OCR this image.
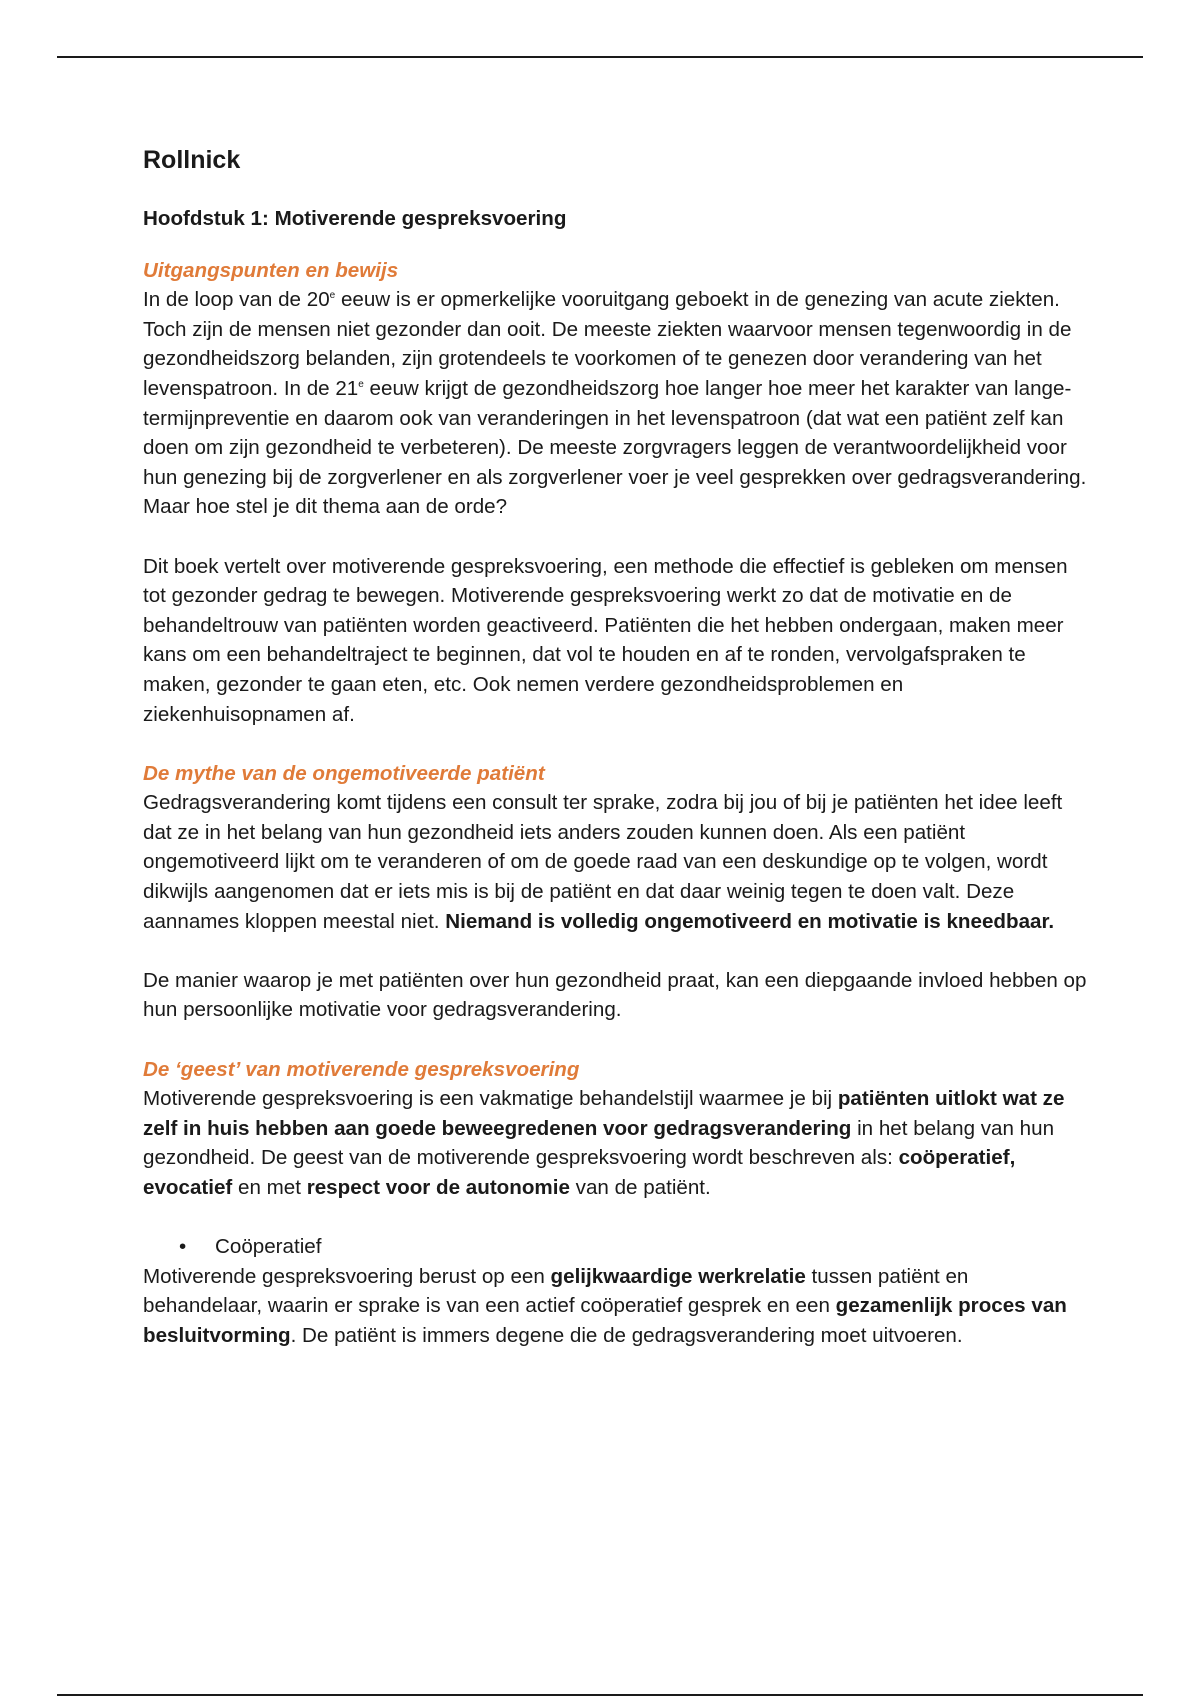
Rollnick
Hoofdstuk 1: Motiverende gespreksvoering
Uitgangspunten en bewijs

In de loop van de 20e eeuw is er opmerkelijke vooruitgang geboekt in de genezing van acute ziekten. Toch zijn de mensen niet gezonder dan ooit. De meeste ziekten waarvoor mensen tegenwoordig in de gezondheidszorg belanden, zijn grotendeels te voorkomen of te genezen door verandering van het levenspatroon. In de 21e eeuw krijgt de gezondheidszorg hoe langer hoe meer het karakter van lange-termijnpreventie en daarom ook van veranderingen in het levenspatroon (dat wat een patiënt zelf kan doen om zijn gezondheid te verbeteren). De meeste zorgvragers leggen de verantwoordelijkheid voor hun genezing bij de zorgverlener en als zorgverlener voer je veel gesprekken over gedragsverandering. Maar hoe stel je dit thema aan de orde?

Dit boek vertelt over motiverende gespreksvoering, een methode die effectief is gebleken om mensen tot gezonder gedrag te bewegen. Motiverende gespreksvoering werkt zo dat de motivatie en de behandeltrouw van patiënten worden geactiveerd. Patiënten die het hebben ondergaan, maken meer kans om een behandeltraject te beginnen, dat vol te houden en af te ronden, vervolgafspraken te maken, gezonder te gaan eten, etc. Ook nemen verdere gezondheidsproblemen en ziekenhuisopnamen af.

De mythe van de ongemotiveerde patiënt

Gedragsverandering komt tijdens een consult ter sprake, zodra bij jou of bij je patiënten het idee leeft dat ze in het belang van hun gezondheid iets anders zouden kunnen doen. Als een patiënt ongemotiveerd lijkt om te veranderen of om de goede raad van een deskundige op te volgen, wordt dikwijls aangenomen dat er iets mis is bij de patiënt en dat daar weinig tegen te doen valt. Deze aannames kloppen meestal niet. Niemand is volledig ongemotiveerd en motivatie is kneedbaar.

De manier waarop je met patiënten over hun gezondheid praat, kan een diepgaande invloed hebben op hun persoonlijke motivatie voor gedragsverandering.

De ‘geest’ van motiverende gespreksvoering

Motiverende gespreksvoering is een vakmatige behandelstijl waarmee je bij patiënten uitlokt wat ze zelf in huis hebben aan goede beweegredenen voor gedragsverandering in het belang van hun gezondheid. De geest van de motiverende gespreksvoering wordt beschreven als: coöperatief, evocatief en met respect voor de autonomie van de patiënt.

• Coöperatief

Motiverende gespreksvoering berust op een gelijkwaardige werkrelatie tussen patiënt en behandelaar, waarin er sprake is van een actief coöperatief gesprek en een gezamenlijk proces van besluitvorming. De patiënt is immers degene die de gedragsverandering moet uitvoeren.
